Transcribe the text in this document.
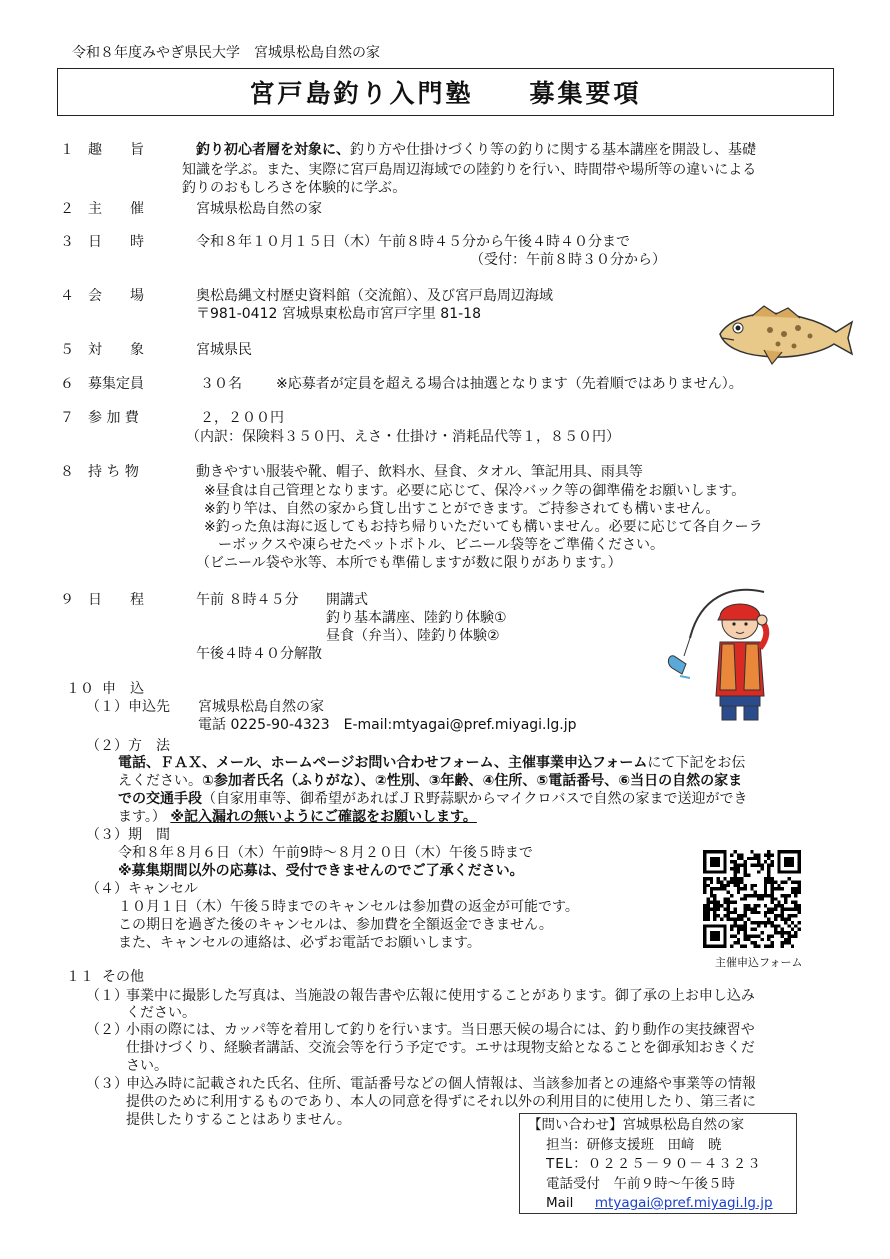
令和８年度みやぎ県民大学　宮城県松島自然の家
宮戸島釣り入門塾　　募集要項
１ 趣　　旨	釣り初心者層を対象に、釣り方や仕掛けづくり等の釣りに関する基本講座を開設し、基礎
知識を学ぶ。また、実際に宮戸島周辺海域での陸釣りを行い、時間帯や場所等の違いによる
釣りのおもしろさを体験的に学ぶ。
２ 主　　催	宮城県松島自然の家
３ 日　　時	令和８年１０月１５日（木）午前８時４５分から午後４時４０分まで
（受付：午前８時３０分から）
４ 会　　場	奥松島縄文村歴史資料館（交流館）、及び宮戸島周辺海域
〒981-0412 宮城県東松島市宮戸字里 81-18
５ 対　　象	宮城県民
６ 募集定員	３０名 ※応募者が定員を超える場合は抽選となります（先着順ではありません）。
７ 参 加 費	２，２００円
（内訳：保険料３５０円、えさ・仕掛け・消耗品代等１，８５０円）
８ 持 ち 物	動きやすい服装や靴、帽子、飲料水、昼食、タオル、筆記用具、雨具等
※昼食は自己管理となります。必要に応じて、保冷バック等の御準備をお願いします。
※釣り竿は、自然の家から貸し出すことができます。ご持参されても構いません。
※釣った魚は海に返してもお持ち帰りいただいても構いません。必要に応じて各自クーラ
ーボックスや凍らせたペットボトル、ビニール袋等をご準備ください。
（ビニール袋や氷等、本所でも準備しますが数に限りがあります。）
９ 日　　程	午前 ８時４５分 開講式
釣り基本講座、陸釣り体験①
昼食（弁当）、陸釣り体験②
午後４時４０分解散
１０ 申　込
（１）申込先 宮城県松島自然の家
電話 0225-90-4323　E-mail:mtyagai@pref.miyagi.lg.jp
（２）方　法
電話、ＦＡＸ、メール、ホームページお問い合わせフォーム、主催事業申込フォームにて下記をお伝
えください。①参加者氏名（ふりがな）、②性別、③年齢、④住所、⑤電話番号、⑥当日の自然の家ま
での交通手段（自家用車等、御希望があればＪＲ野蒜駅からマイクロバスで自然の家まで送迎ができ
ます。） ※記入漏れの無いようにご確認をお願いします。
（３）期　間
令和８年８月６日（木）午前9時～８月２０日（木）午後５時まで
※募集期間以外の応募は、受付できませんのでご了承ください。
（４）キャンセル
１０月１日（木）午後５時までのキャンセルは参加費の返金が可能です。
この期日を過ぎた後のキャンセルは、参加費を全額返金できません。
また、キャンセルの連絡は、必ずお電話でお願いします。
主催申込フォーム
１１ その他
（１）
事業中に撮影した写真は、当施設の報告書や広報に使用することがあります。御了承の上お申し込み
ください。
（２）
小雨の際には、カッパ等を着用して釣りを行います。当日悪天候の場合には、釣り動作の実技練習や
仕掛けづくり、経験者講話、交流会等を行う予定です。エサは現物支給となることを御承知おきくだ
さい。
（３）
申込み時に記載された氏名、住所、電話番号などの個人情報は、当該参加者との連絡や事業等の情報
提供のために利用するものであり、本人の同意を得ずにそれ以外の利用目的に使用したり、第三者に
提供したりすることはありません。	【問い合わせ】宮城県松島自然の家
担当：研修支援班　田﨑　暁
TEL：０２２５－９０－４３２３
電話受付　午前９時～午後５時
Mail mtyagai@pref.miyagi.lg.jp
